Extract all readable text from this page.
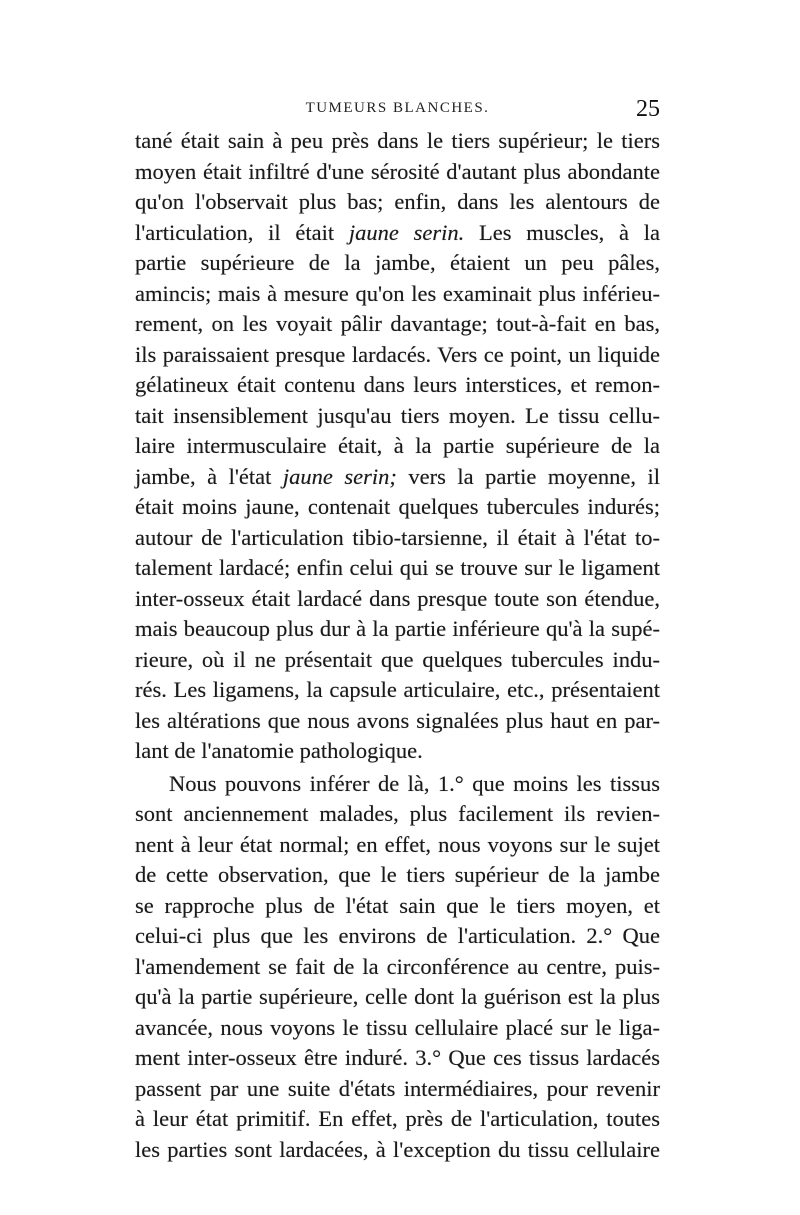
TUMEURS BLANCHES.	25
tané était sain à peu près dans le tiers supérieur; le tiers
moyen était infiltré d'une sérosité d'autant plus abondante
qu'on l'observait plus bas; enfin, dans les alentours de
l'articulation, il était jaune serin. Les muscles, à la
partie supérieure de la jambe, étaient un peu pâles,
amincis; mais à mesure qu'on les examinait plus inférieu-
rement, on les voyait pâlir davantage; tout-à-fait en bas,
ils paraissaient presque lardacés. Vers ce point, un liquide
gélatineux était contenu dans leurs interstices, et remon-
tait insensiblement jusqu'au tiers moyen. Le tissu cellu-
laire intermusculaire était, à la partie supérieure de la
jambe, à l'état jaune serin; vers la partie moyenne, il
était moins jaune, contenait quelques tubercules indurés;
autour de l'articulation tibio-tarsienne, il était à l'état to-
talement lardacé; enfin celui qui se trouve sur le ligament
inter-osseux était lardacé dans presque toute son étendue,
mais beaucoup plus dur à la partie inférieure qu'à la supé-
rieure, où il ne présentait que quelques tubercules indu-
rés. Les ligamens, la capsule articulaire, etc., présentaient
les altérations que nous avons signalées plus haut en par-
lant de l'anatomie pathologique.
Nous pouvons inférer de là, 1.° que moins les tissus
sont anciennement malades, plus facilement ils revien-
nent à leur état normal; en effet, nous voyons sur le sujet
de cette observation, que le tiers supérieur de la jambe
se rapproche plus de l'état sain que le tiers moyen, et
celui-ci plus que les environs de l'articulation. 2.° Que
l'amendement se fait de la circonférence au centre, puis-
qu'à la partie supérieure, celle dont la guérison est la plus
avancée, nous voyons le tissu cellulaire placé sur le liga-
ment inter-osseux être induré. 3.° Que ces tissus lardacés
passent par une suite d'états intermédiaires, pour revenir
à leur état primitif. En effet, près de l'articulation, toutes
les parties sont lardacées, à l'exception du tissu cellulaire
